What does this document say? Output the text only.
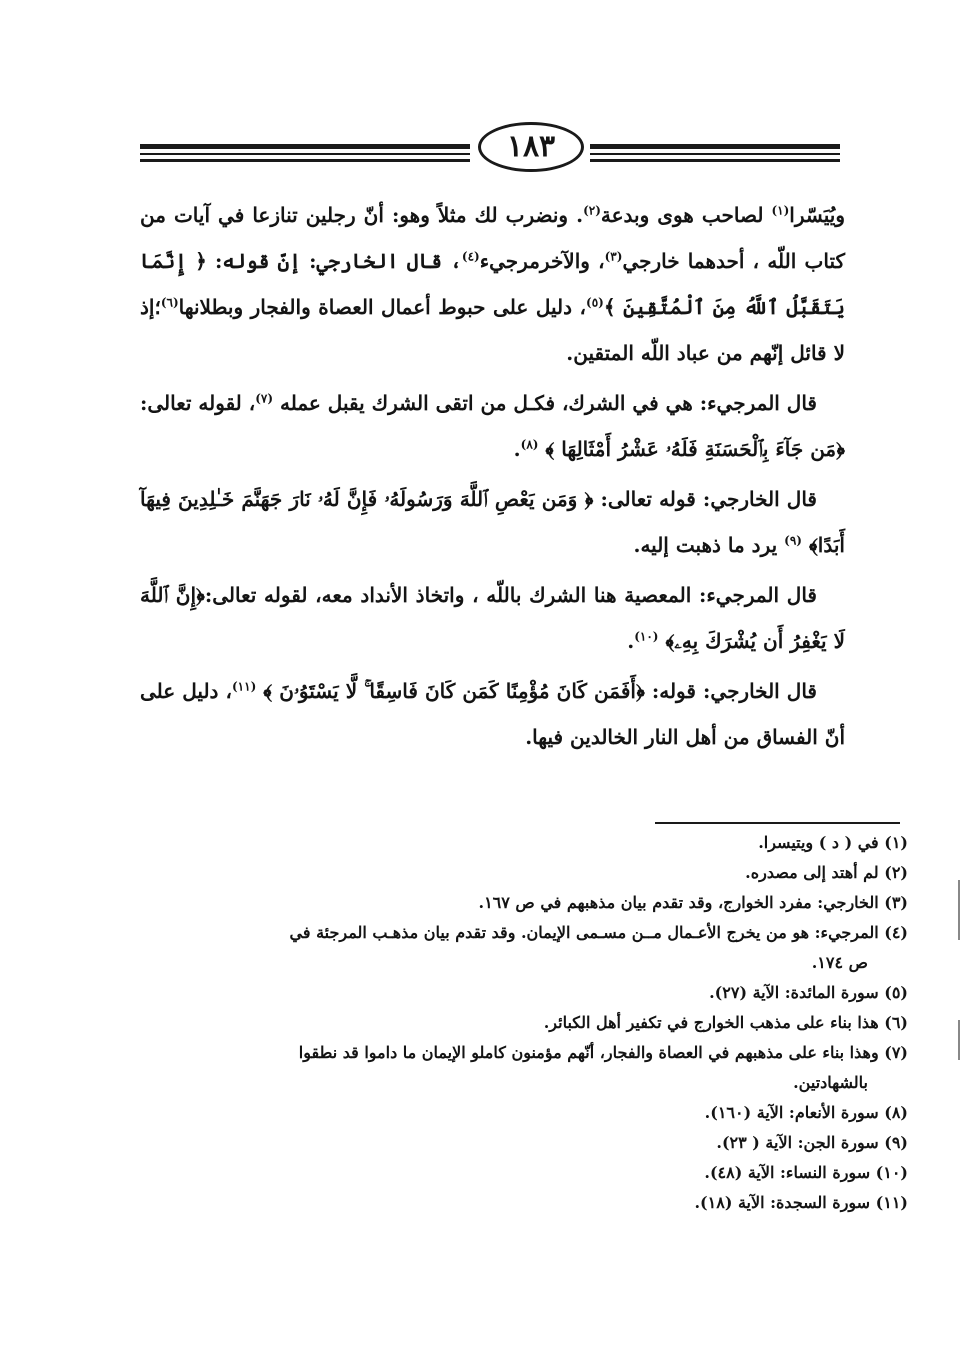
١٨٣

ويُيَسّرا$^{(١)}$ لصاحب هوى وبدعة$^{(٢)}$. ونضرب لك مثلاً وهو: أنّ رجلين تنازعا في آيات من كتاب اللّه ، أحدهما خارجي$^{(٣)}$، والآخرمرجيء$^{(٤)}$، قال الخارجي: إنّ قوله: ﴿ إِنَّمَا يَتَقَبَّلُ ٱللَّهُ مِنَ ٱلْمُتَّقِينَ ﴾$^{(٥)}$، دليل على حبوط أعمال العصاة والفجار وبطلانها$^{(٦)}$؛إذ لا قائل إنّهم من عباد اللّه المتقين.

قال المرجيء: هي في الشرك، فكـل من اتقى الشرك يقبل عمله $^{(٧)}$، لقوله تعالى: ﴿مَن جَآءَ بِٱلْحَسَنَةِ فَلَهُۥ عَشْرُ أَمْثَالِهَا ﴾ $^{(٨)}$.

قال الخارجي: قوله تعالى: ﴿ وَمَن يَعْصِ ٱللَّهَ وَرَسُولَهُۥ فَإِنَّ لَهُۥ نَارَ جَهَنَّمَ خَـٰلِدِينَ فِيهَآ أَبَدًا﴾ $^{(٩)}$ يرد ما ذهبت إليه.

قال المرجيء: المعصية هنا الشرك باللّه ، واتخاذ الأنداد معه، لقوله تعالى:﴿إِنَّ ٱللَّهَ لَا يَغْفِرُ أَن يُشْرَكَ بِهِۦ﴾ $^{(١٠)}$.

قال الخارجي: قوله: ﴿أَفَمَن كَانَ مُؤْمِنًا كَمَن كَانَ فَاسِقًا ۚ لَّا يَسْتَوُۥنَ ﴾ $^{(١١)}$، دليل على أنّ الفساق من أهل النار الخالدين فيها.

(١) في ( د ) ويتيسرا.

(٢) لم أهتد إلى مصدره.

(٣) الخارجي: مفرد الخوارج، وقد تقدم بيان مذهبهم في ص ١٦٧.

(٤) المرجيء: هو من يخرج الأعـمال مــن مسـمى الإيمان. وقد تقدم بيان مذهـب المرجئة في

ص ١٧٤.

(٥) سورة المائدة: الآية (٢٧).

(٦) هذا بناء على مذهب الخوارج في تكفير أهل الكبائر.

(٧) وهذا بناء على مذهبهم في العصاة والفجار، أنّهم مؤمنون كاملو الإيمان ما داموا قد نطقوا

بالشهادتين.

(٨) سورة الأنعام: الآية (١٦٠).

(٩) سورة الجن: الآية ( ٢٣).

(١٠) سورة النساء: الآية (٤٨).

(١١) سورة السجدة: الآية (١٨).
